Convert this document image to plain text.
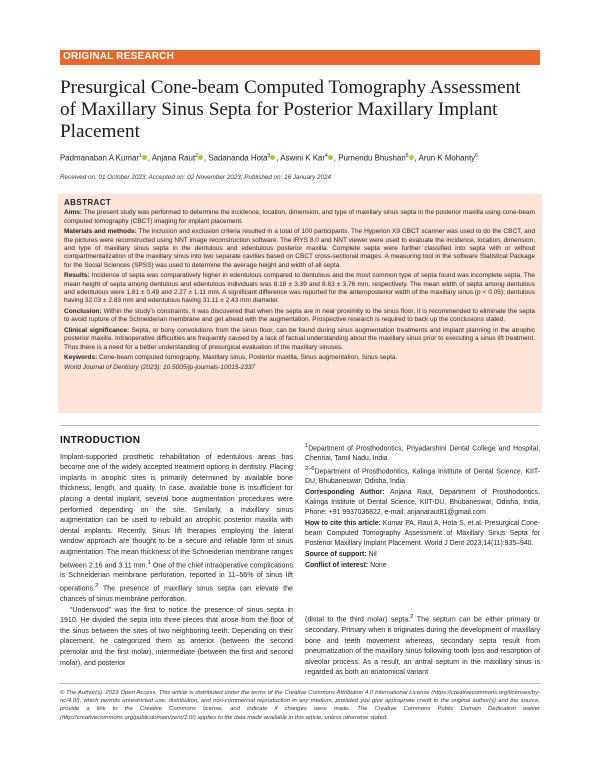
ORIGINAL RESEARCH
Presurgical Cone-beam Computed Tomography Assessment of Maxillary Sinus Septa for Posterior Maxillary Implant Placement
Padmanaban A Kumar$^1$ , Anjana Raut$^2$ , Sadananda Hota$^3$ , Aswini K Kar$^4$ , Purnendu Bhushan$^5$ , Arun K Mohanty$^6$
Received on: 01 October 2023; Accepted on: 02 November 2023; Published on: 16 January 2024
ABSTRACT

Aims: The present study was performed to determine the incidence, location, dimension, and type of maxillary sinus septa in the posterior maxilla using cone-beam computed tomography (CBCT) imaging for implant placement.

Materials and methods: The inclusion and exclusion criteria resulted in a total of 100 participants. The Hyperion X9 CBCT scanner was used to do the CBCT, and the pictures were reconstructed using NNT image reconstruction software. The iRYS 8.0 and NNT viewer were used to evaluate the incidence, location, dimension, and type of maxillary sinus septa in the dentulous and edentulous posterior maxilla. Complete septa were further classified into septa with or without compartmentalization of the maxillary sinus into two separate cavities based on CBCT cross-sectional images. A measuring tool in the software Statistical Package for the Social Sciences (SPSS) was used to determine the average height and width of all septa.

Results: Incidence of septa was comparatively higher in edentulous compared to dentulous and the most common type of septa found was incomplete septa. The mean height of septa among dentulous and edentulous individuals was 8.18 ± 3.39 and 8.63 ± 3.76 mm, respectively. The mean width of septa among dentulous and edentulous were 1.81 ± 0.49 and 2.27 ± 1.11 mm. A significant difference was reported for the anteroposterior width of the maxillary sinus (p < 0.05); dentulous having 32.03 ± 2.83 mm and edentulous having 31.11 ± 2.43 mm diameter.

Conclusion: Within the study’s constraints, it was discovered that when the septa are in near proximity to the sinus floor, it is recommended to eliminate the septa to avoid rupture of the Schneiderian membrane and get ahead with the augmentation. Prospective research is required to back up the conclusions stated.

Clinical significance: Septa, or bony convolutions from the sinus floor, can be found during sinus augmentation treatments and implant planning in the atrophic posterior maxilla. Intraoperative difficulties are frequently caused by a lack of factual understanding about the maxillary sinus prior to executing a sinus lift treatment. Thus there is a need for a better understanding of presurgical evaluation of the maxillary sinuses.

Keywords: Cone-beam computed tomography, Maxillary sinus, Posterior maxilla, Sinus augmentation, Sinus septa.

World Journal of Dentistry (2023): 10.5005/jp-journals-10015-2337

INTRODUCTION

Implant-supported prosthetic rehabilitation of edentulous areas has become one of the widely accepted treatment options in dentistry. Placing implants in atrophic sites is primarily determined by available bone thickness, length, and quality. In case, available bone is insufficient for placing a dental implant, several bone augmentation procedures were performed depending on the site. Similarly, a maxillary sinus augmentation can be used to rebuild an atrophic posterior maxilla with dental implants. Recently, Sinus lift therapies employing the lateral window approach are thought to be a secure and reliable form of sinus augmentation. The mean thickness of the Schneiderian membrane ranges between 2.16 and 3.11 mm.$^1$ One of the chief intraoperative complications is Schneiderian membrane perforation, reported in 11–56% of sinus lift operations.$^2$ The presence of maxillary sinus septa can elevate the chances of sinus membrane perforation.

“Underwood” was the first to notice the presence of sinus septa in 1910. He divided the septa into three pieces that arose from the floor of the sinus between the sites of two neighboring teeth. Depending on their placement, he categorized them as anterior (between the second premolar and the first molar), intermediate (between the first and second molar), and posterior

$^1$Department of Prosthodontics, Priyadarshini Dental College and Hospital, Chennai, Tamil Nadu, India

$^{2-6}$Department of Prosthodontics, Kalinga Institute of Dental Science, KIIT-DU, Bhubaneswar, Odisha, India

Corresponding Author: Anjana Raut, Department of Prosthodontics, Kalinga Institute of Dental Science, KIIT-DU, Bhubaneswar, Odisha, India, Phone: +91 9937036822, e-mail: anjanaraut81@gmail.com

How to cite this article: Kumar PA, Raut A, Hota S, et al. Presurgical Cone-beam Computed Tomography Assessment of Maxillary Sinus Septa for Posterior Maxillary Implant Placement. World J Dent 2023;14(11):935–940.

Source of support: Nil

Conflict of interest: None

(distal to the third molar) septa.$^2$ The septum can be either primary or secondary. Primary when it originates during the development of maxillary bone and teeth movement whereas, secondary septa result from pneumatization of the maxillary sinus following tooth loss and resorption of alveolar process. As a result, an antral septum in the maxillary sinus is regarded as both an anatomical variant

© The Author(s). 2023 Open Access. This article is distributed under the terms of the Creative Commons Attribution 4.0 International License (https://creativecommons.org/licenses/by-nc/4.0/), which permits unrestricted use, distribution, and non-commercial reproduction in any medium, provided you give appropriate credit to the original author(s) and the source, provide a link to the Creative Commons license, and indicate if changes were made. The Creative Commons Public Domain Dedication waiver (http://creativecommons.org/publicdomain/zero/1.0/) applies to the data made available in this article, unless otherwise stated.
